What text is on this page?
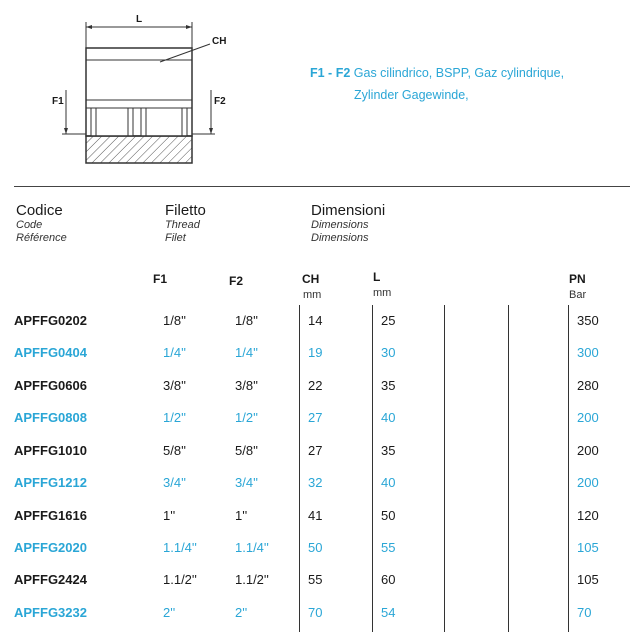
L
CH
F1	F2
F1 - F2 Gas cilindrico, BSPP, Gaz cylindrique,
Zylinder Gagewinde,
Codice
Code
Référence
Filetto
Thread
Filet
Dimensioni
Dimensions
Dimensions
F1	F2	CH
mm
L
mm
PN
Bar
APFFG0202	1/8''	1/8''	14	25	350
APFFG0404	1/4''	1/4''	19	30	300
APFFG0606	3/8''	3/8''	22	35	280
APFFG0808	1/2''	1/2''	27	40	200
APFFG1010	5/8''	5/8''	27	35	200
APFFG1212	3/4''	3/4''	32	40	200
APFFG1616	1''	1''	41	50	120
APFFG2020	1.1/4''	1.1/4''	50	55	105
APFFG2424	1.1/2''	1.1/2''	55	60	105
APFFG3232	2''	2''	70	54	70
